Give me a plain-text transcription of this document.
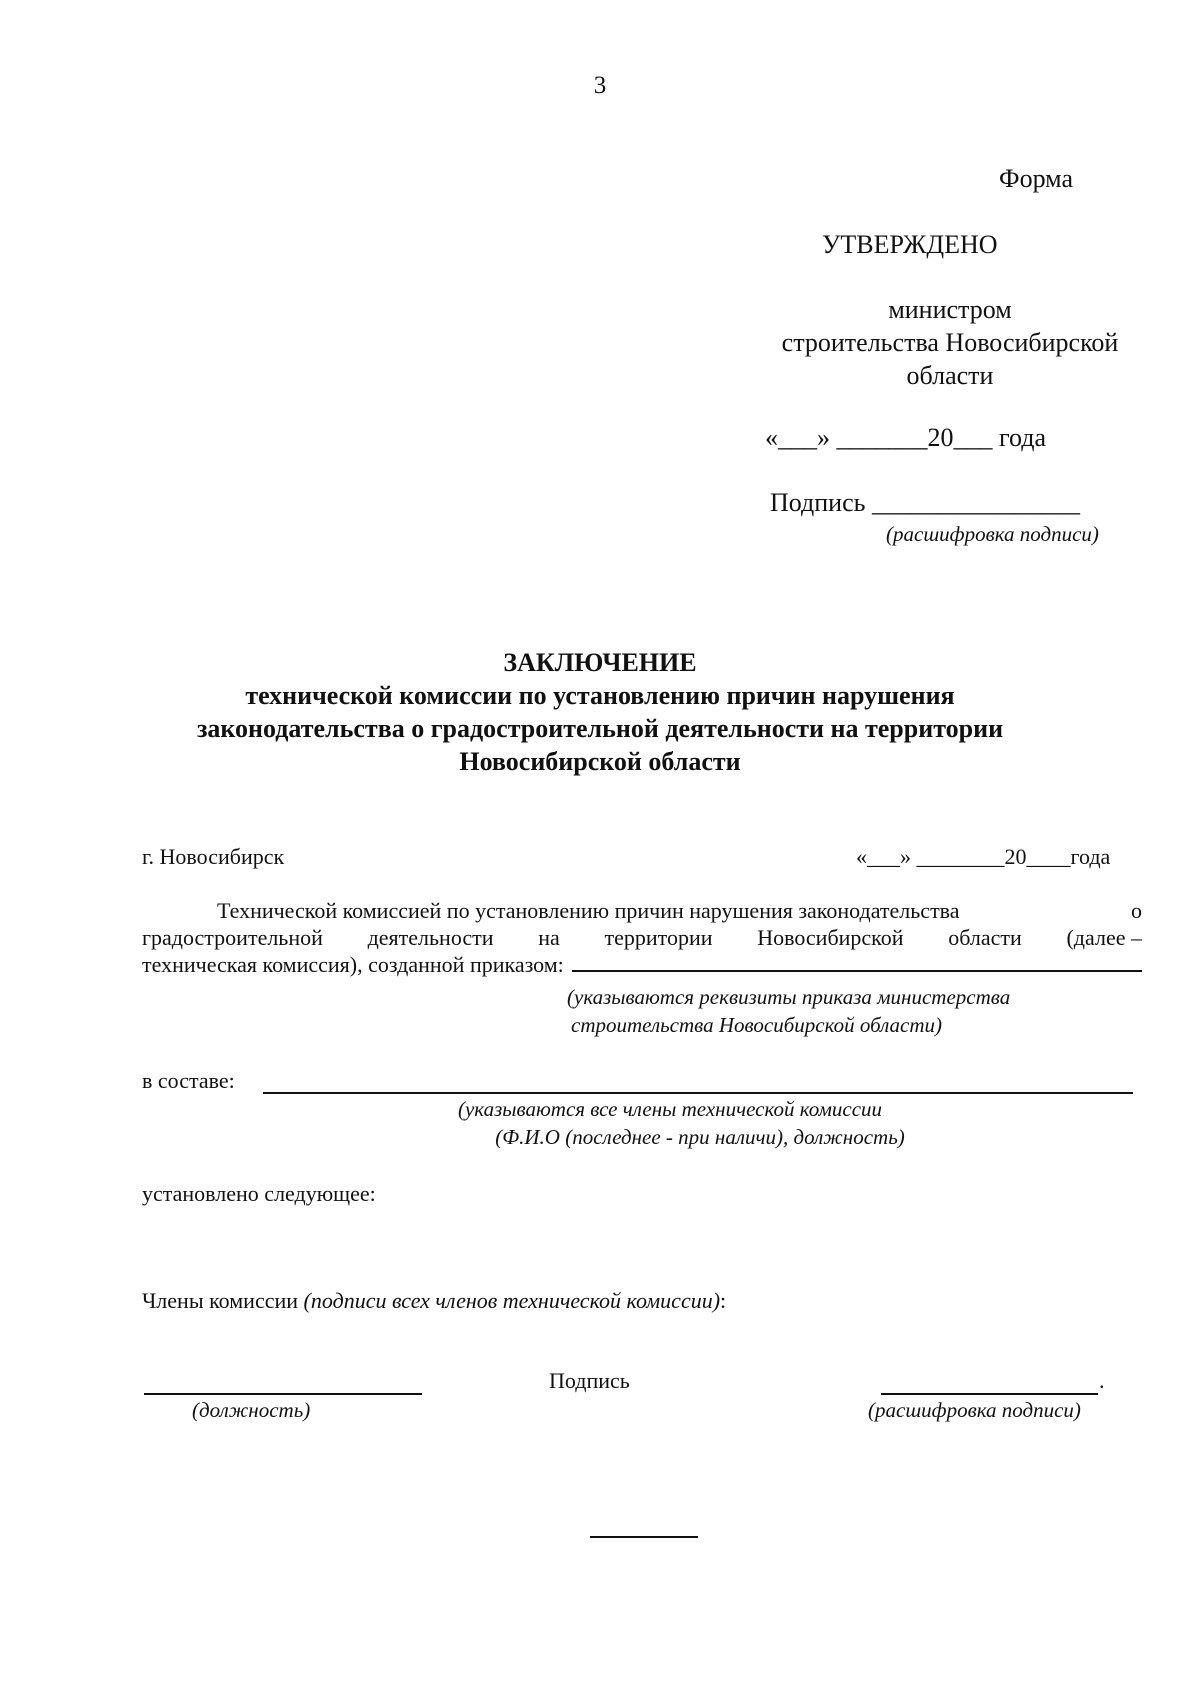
3
Форма
УТВЕРЖДЕНО
министром
строительства Новосибирской
области
«___» _______20___ года
Подпись ________________
(расшифровка подписи)
ЗАКЛЮЧЕНИЕ
технической комиссии по установлению причин нарушения
законодательства о градостроительной деятельности на территории
Новосибирской области
г. Новосибирск	«___» ________20____года
Технической комиссией по установлению причин нарушения законодательства	о
градостроительной деятельности на территории Новосибирской области (далее –
техническая комиссия), созданной приказом:
(указываются реквизиты приказа министерства
строительства Новосибирской области)
в составе:
(указываются все члены технической комиссии
(Ф.И.О (последнее - при наличи), должность)
установлено следующее:
Члены комиссии (подписи всех членов технической комиссии):
(должность)
Подпись	.
(расшифровка подписи)
